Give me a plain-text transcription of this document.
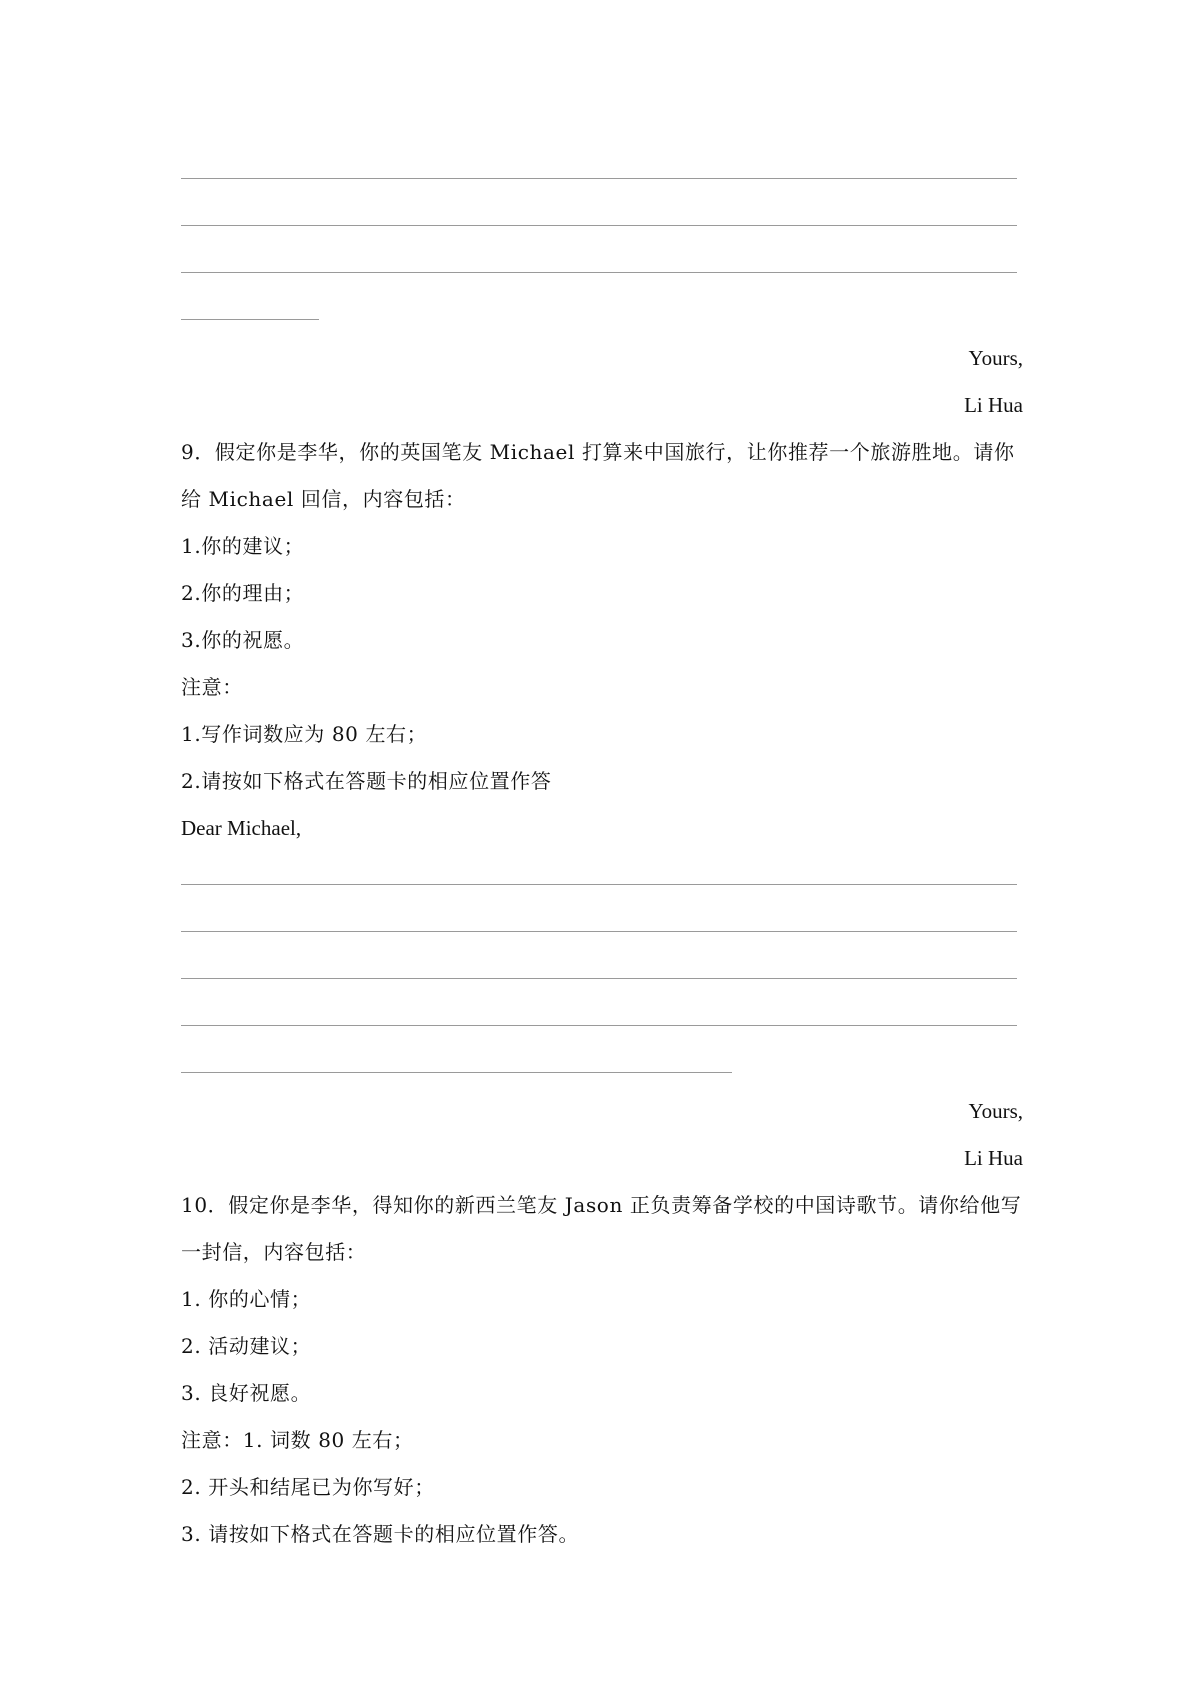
Yours,
Li Hua
9．假定你是李华，你的英国笔友 Michael 打算来中国旅行，让你推荐一个旅游胜地。请你
给 Michael 回信，内容包括：
1.你的建议；
2.你的理由；
3.你的祝愿。
注意：
1.写作词数应为 80 左右；
2.请按如下格式在答题卡的相应位置作答
Dear Michael,
Yours,
Li Hua
10．假定你是李华，得知你的新西兰笔友 Jason 正负责筹备学校的中国诗歌节。请你给他写
一封信，内容包括：
1. 你的心情；
2. 活动建议；
3. 良好祝愿。
注意：1. 词数 80 左右；
2. 开头和结尾已为你写好；
3. 请按如下格式在答题卡的相应位置作答。
